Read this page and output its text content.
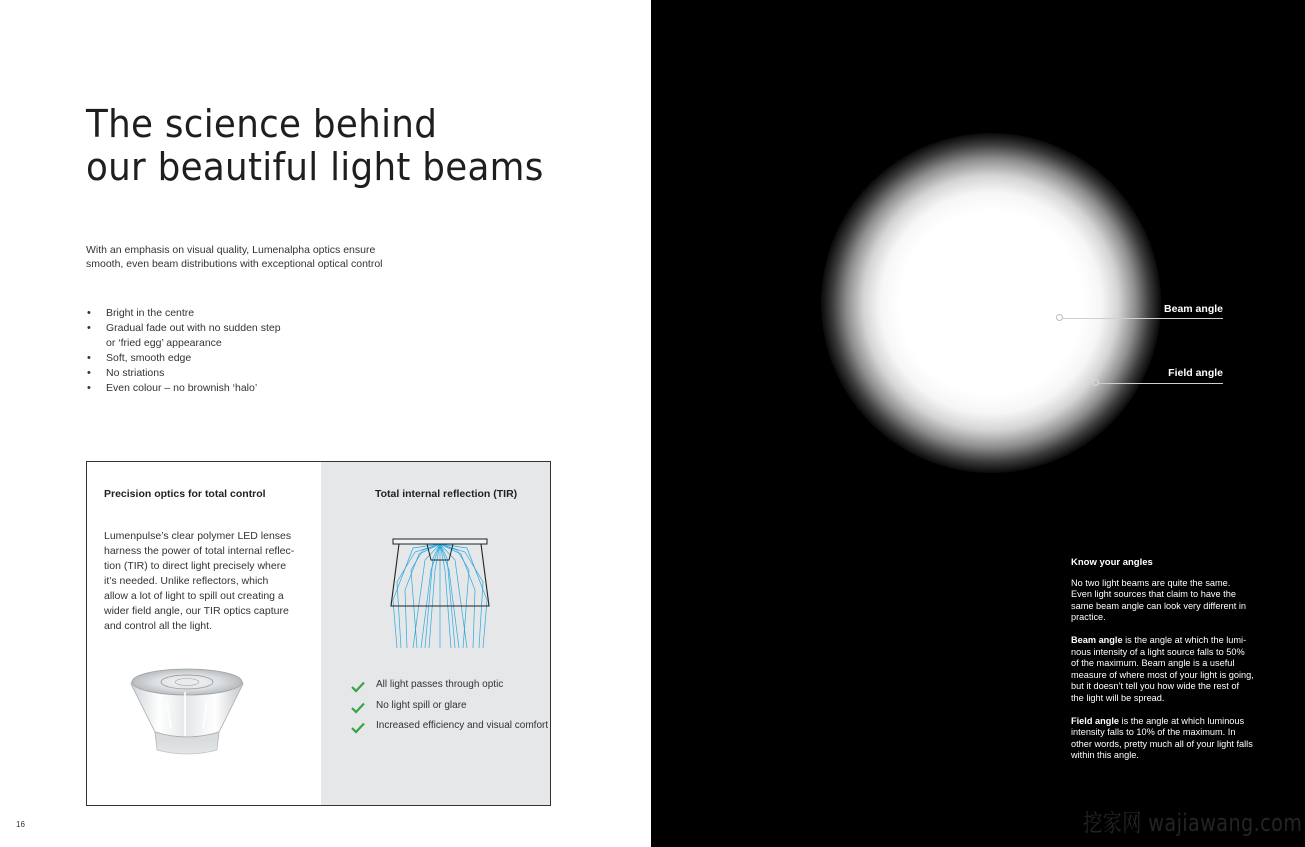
The science behind
our beautiful light beams
With an emphasis on visual quality, Lumenalpha optics ensure
smooth, even beam distributions with exceptional optical control
• Bright in the centre
• Gradual fade out with no sudden step
or ‘fried egg’ appearance
• Soft, smooth edge
• No striations
• Even colour – no brownish ‘halo’
Precision optics for total control
Lumenpulse’s clear polymer LED lenses
harness the power of total internal reflec-
tion (TIR) to direct light precisely where
it’s needed. Unlike reflectors, which
allow a lot of light to spill out creating a
wider field angle, our TIR optics capture
and control all the light.
Total internal reflection (TIR)
All light passes through optic
No light spill or glare
Increased efficiency and visual comfort
16
Beam angle
Field angle
Know your angles

No two light beams are quite the same.
Even light sources that claim to have the
same beam angle can look very different in
practice.

Beam angle is the angle at which the lumi-
nous intensity of a light source falls to 50%
of the maximum. Beam angle is a useful
measure of where most of your light is going,
but it doesn’t tell you how wide the rest of
the light will be spread.

Field angle is the angle at which luminous
intensity falls to 10% of the maximum. In
other words, pretty much all of your light falls
within this angle.

挖家网 wajiawang.com
